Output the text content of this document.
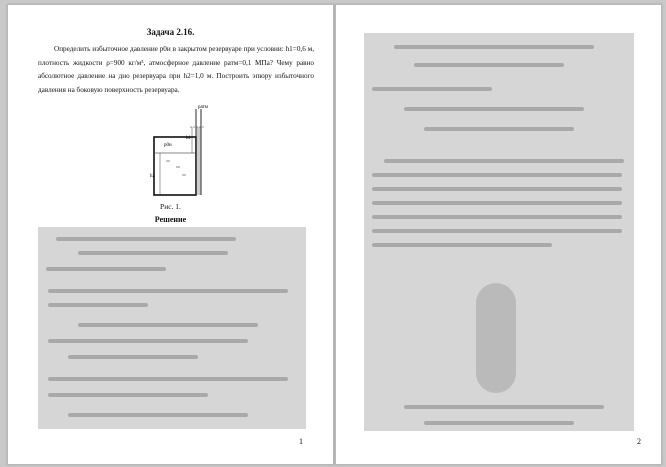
Задача 2.16.

Определить избыточное давление p0и в закрытом резервуаре при условии: h1=0,6 м, плотность жидкости ρ=900 кг/м³, атмосферное давление pатм=0,1 МПа? Чему равно абсолютное давление на дно резервуара при h2=1,0 м. Построить эпюру избыточного давления на боковую поверхность резервуара.

pатм
p0и
h1
h2
Рис. 1.
Решение
1	2
